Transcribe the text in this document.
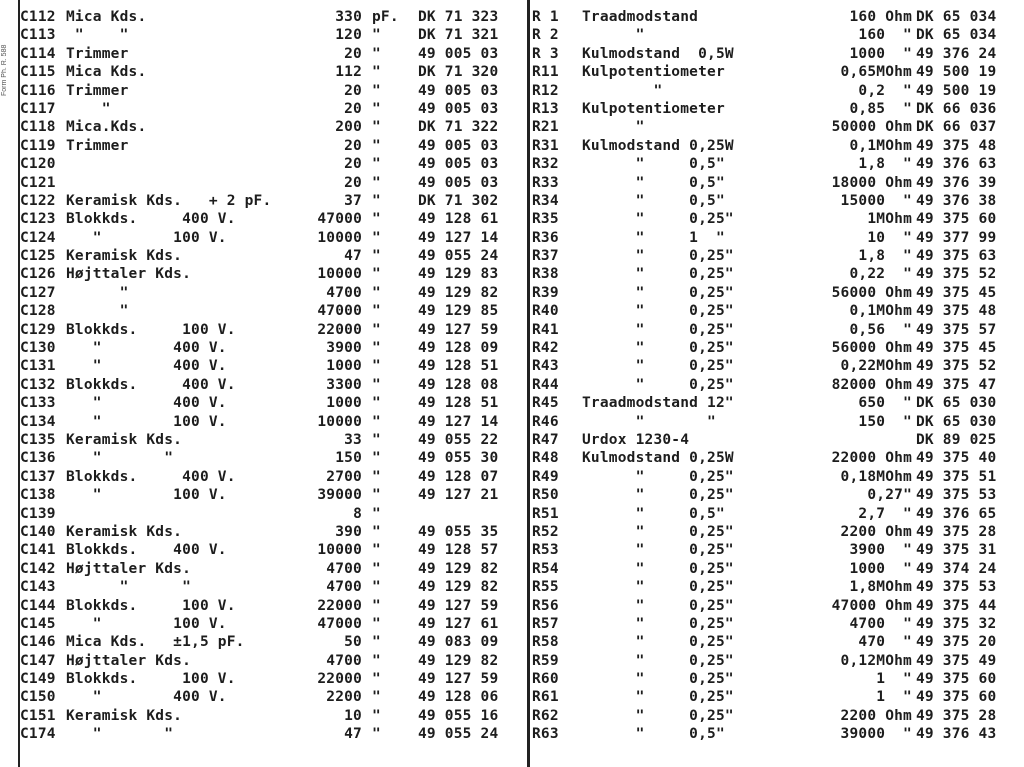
Form Ph. R. 588
C112 Mica Kds.	330 pF.	DK 71 323
C113 "    "	120 "	DK 71 321
C114 Trimmer	20 "	49 005 03
C115 Mica Kds.	112 "	DK 71 320
C116 Trimmer	20 "	49 005 03
C117 "	20 "	49 005 03
C118 Mica.Kds.	200 "	DK 71 322
C119 Trimmer	20 "	49 005 03
C120	20 "	49 005 03
C121	20 "	49 005 03
C122 Keramisk Kds.   + 2 pF.	37 "	DK 71 302
C123 Blokkds.     400 V.	47000 "	49 128 61
C124 "        100 V.	10000 "	49 127 14
C125 Keramisk Kds.	47 "	49 055 24
C126 Højttaler Kds.	10000 "	49 129 83
C127 "	4700 "	49 129 82
C128 "	47000 "	49 129 85
C129 Blokkds.     100 V.	22000 "	49 127 59
C130 "        400 V.	3900 "	49 128 09
C131 "        400 V.	1000 "	49 128 51
C132 Blokkds.     400 V.	3300 "	49 128 08
C133 "        400 V.	1000 "	49 128 51
C134 "        100 V.	10000 "	49 127 14
C135 Keramisk Kds.	33 "	49 055 22
C136 "       "	150 "	49 055 30
C137 Blokkds.     400 V.	2700 "	49 128 07
C138 "        100 V.	39000 "	49 127 21
C139	8 "
C140 Keramisk Kds.	390 "	49 055 35
C141 Blokkds.    400 V.	10000 "	49 128 57
C142 Højttaler Kds.	4700 "	49 129 82
C143 "      "	4700 "	49 129 82
C144 Blokkds.     100 V.	22000 "	49 127 59
C145 "        100 V.	47000 "	49 127 61
C146 Mica Kds.   ±1,5 pF.	50 "	49 083 09
C147 Højttaler Kds.	4700 "	49 129 82
C149 Blokkds.     100 V.	22000 "	49 127 59
C150 "        400 V.	2200 "	49 128 06
C151 Keramisk Kds.	10 "	49 055 16
C174 "       "	47 "	49 055 24
R 1	Traadmodstand	160 Ohm DK 65 034
R 2	"	160  " DK 65 034
R 3	Kulmodstand  0,5W	1000  " 49 376 24
R11	Kulpotentiometer	0,65MOhm 49 500 19
R12	"	0,2  " 49 500 19
R13	Kulpotentiometer	0,85  " DK 66 036
R21	"	50000 Ohm DK 66 037
R31	Kulmodstand 0,25W	0,1MOhm 49 375 48
R32	"     0,5"	1,8  " 49 376 63
R33	"     0,5"	18000 Ohm 49 376 39
R34	"     0,5"	15000  " 49 376 38
R35	"     0,25"	1MOhm 49 375 60
R36	"     1  "	10  " 49 377 99
R37	"     0,25"	1,8  " 49 375 63
R38	"     0,25"	0,22  " 49 375 52
R39	"     0,25"	56000 Ohm 49 375 45
R40	"     0,25"	0,1MOhm 49 375 48
R41	"     0,25"	0,56  " 49 375 57
R42	"     0,25"	56000 Ohm 49 375 45
R43	"     0,25"	0,22MOhm 49 375 52
R44	"     0,25"	82000 Ohm 49 375 47
R45	Traadmodstand 12"	650  " DK 65 030
R46	"       "	150  " DK 65 030
R47	Urdox 1230-4	DK 89 025
R48	Kulmodstand 0,25W	22000 Ohm 49 375 40
R49	"     0,25"	0,18MOhm 49 375 51
R50	"     0,25"	0,27" 49 375 53
R51	"     0,5"	2,7  " 49 376 65
R52	"     0,25"	2200 Ohm 49 375 28
R53	"     0,25"	3900  " 49 375 31
R54	"     0,25"	1000  " 49 374 24
R55	"     0,25"	1,8MOhm 49 375 53
R56	"     0,25"	47000 Ohm 49 375 44
R57	"     0,25"	4700  " 49 375 32
R58	"     0,25"	470  " 49 375 20
R59	"     0,25"	0,12MOhm 49 375 49
R60	"     0,25"	1  " 49 375 60
R61	"     0,25"	1  " 49 375 60
R62	"     0,25"	2200 Ohm 49 375 28
R63	"     0,5"	39000  " 49 376 43
